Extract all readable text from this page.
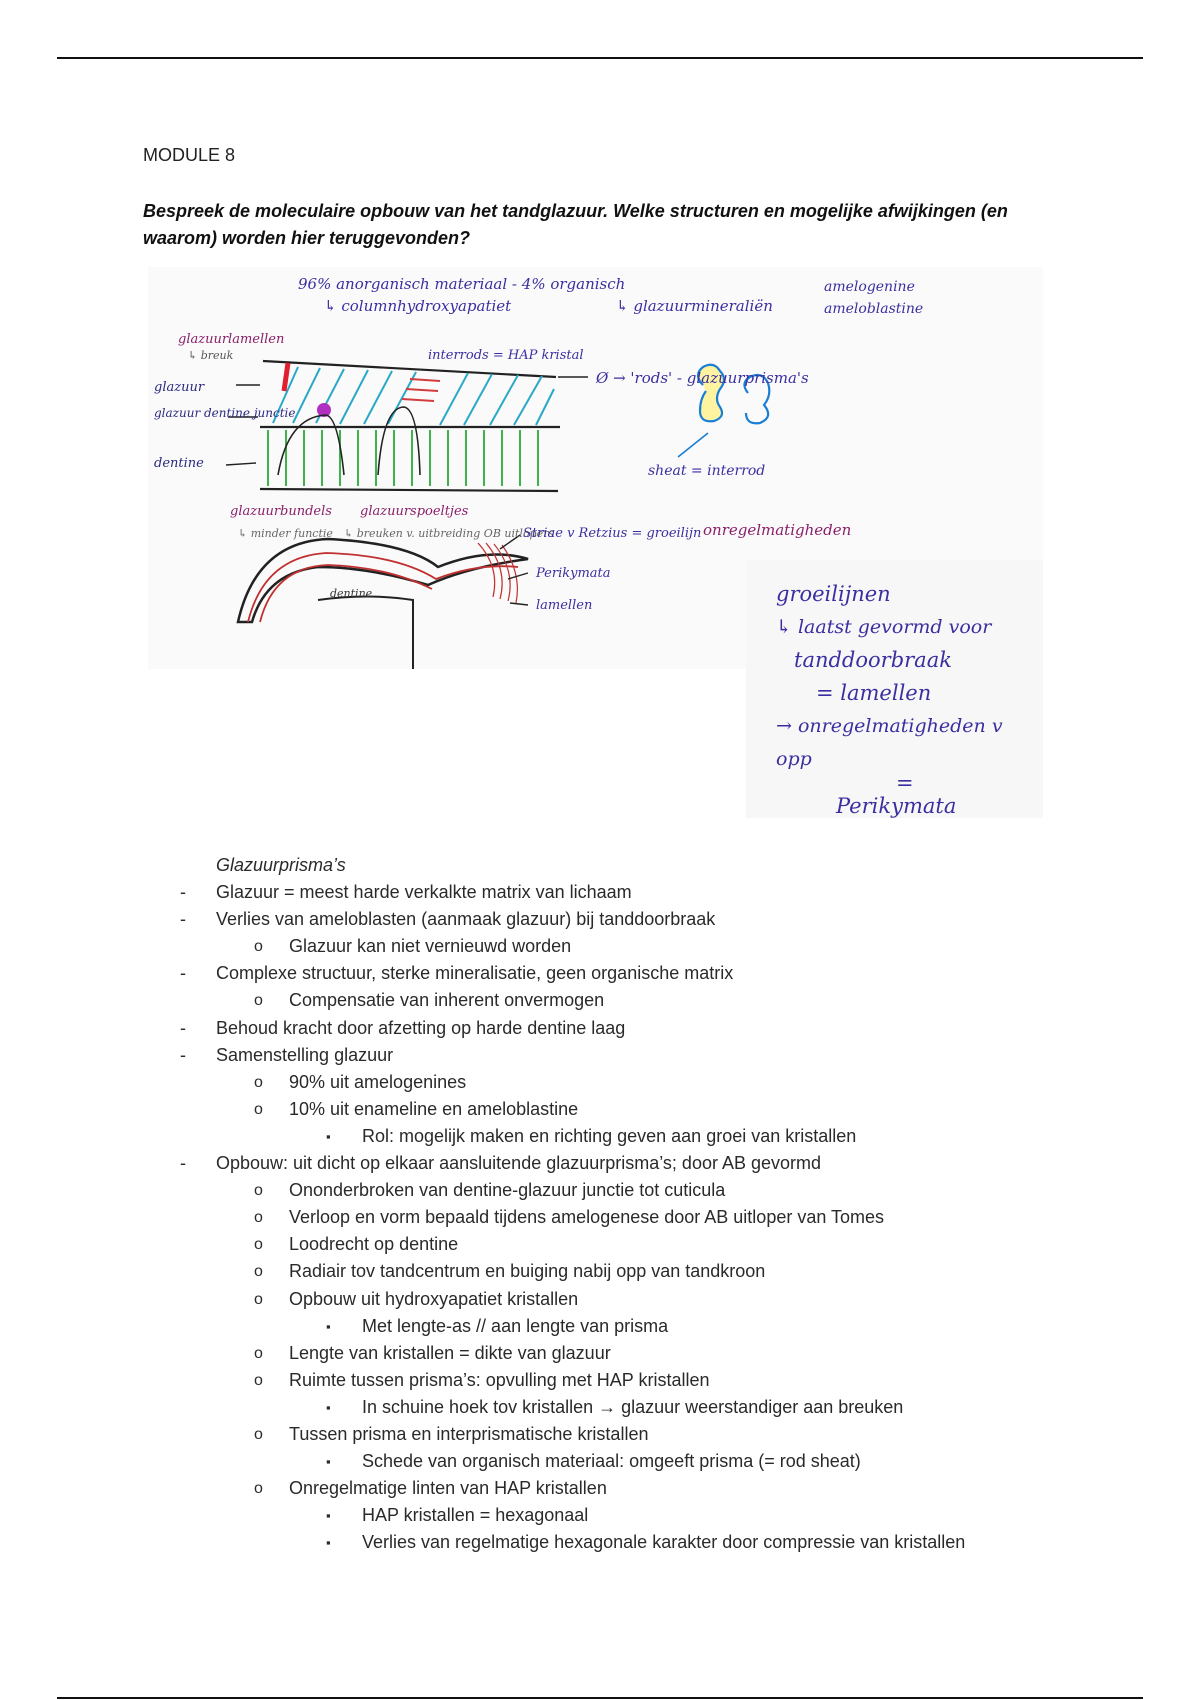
MODULE 8
Bespreek de moleculaire opbouw van het tandglazuur. Welke structuren en mogelijke afwijkingen (en waarom) worden hier teruggevonden?
96% anorganisch materiaal - 4% organisch
↳ columnhydroxyapatiet	↳ glazuurmineraliën
amelogenine
ameloblastine
interrods = HAP kristal
Ø → 'rods' - glazuurprisma's
sheat = interrod
glazuurlamellen
↳ breuk
glazuur
glazuur dentine junctie
dentine
glazuurbundels glazuurspoeltjes
↳ minder functie ↳ breuken v. uitbreiding OB uitlopers	onregelmatigheden
Striae v Retzius = groeilijn
Perikymata
lamellen
dentine	groeilijnen
↳ laatst gevormd voor
tanddoorbraak
= lamellen
→ onregelmatigheden v opp
=
Perikymata
Glazuurprisma’s
- Glazuur = meest harde verkalkte matrix van lichaam
- Verlies van ameloblasten (aanmaak glazuur) bij tanddoorbraak
o Glazuur kan niet vernieuwd worden
- Complexe structuur, sterke mineralisatie, geen organische matrix
o Compensatie van inherent onvermogen
- Behoud kracht door afzetting op harde dentine laag
- Samenstelling glazuur
o 90% uit amelogenines
o 10% uit enameline en ameloblastine
▪ Rol: mogelijk maken en richting geven aan groei van kristallen
- Opbouw: uit dicht op elkaar aansluitende glazuurprisma’s; door AB gevormd
o Ononderbroken van dentine-glazuur junctie tot cuticula
o Verloop en vorm bepaald tijdens amelogenese door AB uitloper van Tomes
o Loodrecht op dentine
o Radiair tov tandcentrum en buiging nabij opp van tandkroon
o Opbouw uit hydroxyapatiet kristallen
▪ Met lengte-as // aan lengte van prisma
o Lengte van kristallen = dikte van glazuur
o Ruimte tussen prisma’s: opvulling met HAP kristallen
▪ In schuine hoek tov kristallen → glazuur weerstandiger aan breuken
o Tussen prisma en interprismatische kristallen
▪ Schede van organisch materiaal: omgeeft prisma (= rod sheat)
o Onregelmatige linten van HAP kristallen
▪ HAP kristallen = hexagonaal
▪ Verlies van regelmatige hexagonale karakter door compressie van kristallen
